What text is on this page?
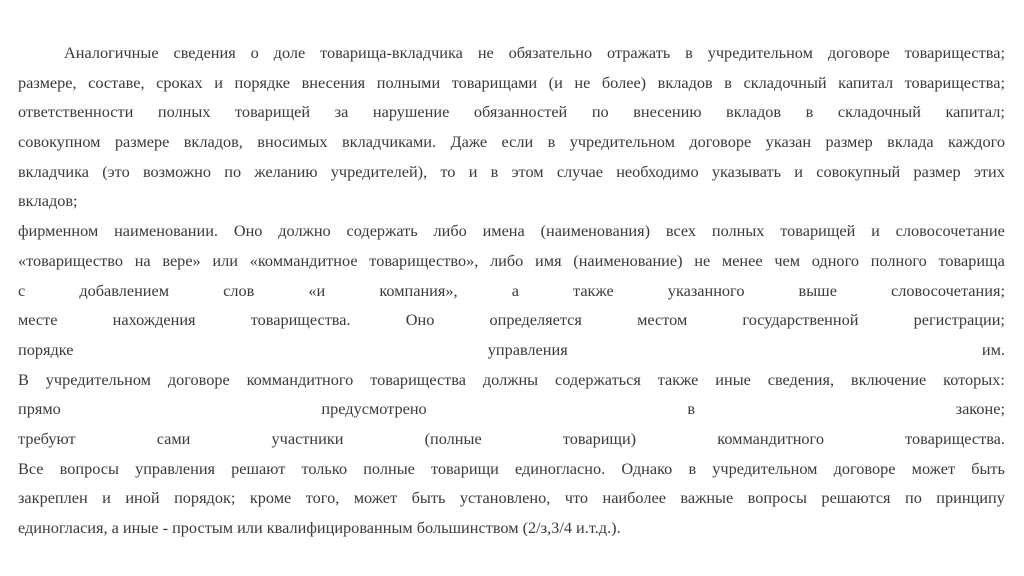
Аналогичные сведения о доле товарища-вкладчика не обязательно отражать в учредительном договоре товарищества;
размере, составе, сроках и порядке внесения полными товарищами (и не более) вкладов в складочный капитал товарищества;
ответственности полных товарищей за нарушение обязанностей по внесению вкладов в складочный капитал;
совокупном размере вкладов, вносимых вкладчиками. Даже если в учредительном договоре указан размер вклада каждого
вкладчика (это возможно по желанию учредителей), то и в этом случае необходимо указывать и совокупный размер этих
вкладов;
фирменном наименовании. Оно должно содержать либо имена (наименования) всех полных товарищей и словосочетание
«товарищество на вере» или «коммандитное товарищество», либо имя (наименование) не менее чем одного полного товарища
с	добавлением	слов	«и	компания»,	а	также	указанного	выше	словосочетания;
месте	нахождения	товарищества.	Оно	определяется	местом	государственной	регистрации;
порядке	управления	им.
В учредительном договоре коммандитного товарищества должны содержаться также иные сведения, включение которых:
прямо	предусмотрено	в	законе;
требуют	сами	участники	(полные	товарищи)	коммандитного	товарищества.
Все вопросы управления решают только полные товарищи единогласно. Однако в учредительном договоре может быть
закреплен и иной порядок; кроме того, может быть установлено, что наиболее важные вопросы решаются по принципу
единогласия, а иные - простым или квалифицированным большинством (2/з,3/4 и.т.д.).
